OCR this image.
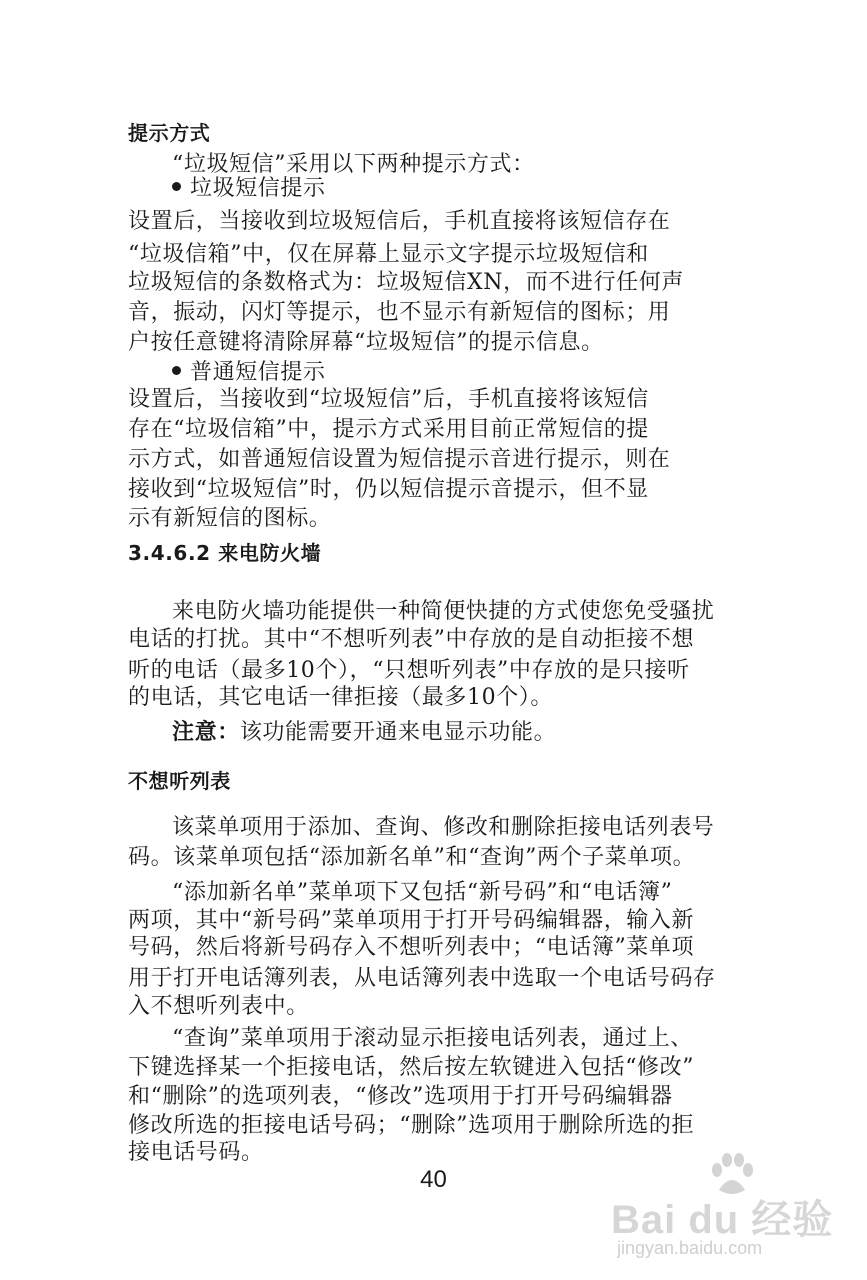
提示方式
“垃圾短信”采用以下两种提示方式：
垃圾短信提示
设置后，当接收到垃圾短信后，手机直接将该短信存在
“垃圾信箱”中，仅在屏幕上显示文字提示垃圾短信和
垃圾短信的条数格式为：垃圾短信XN，而不进行任何声
音，振动，闪灯等提示，也不显示有新短信的图标；用
户按任意键将清除屏幕“垃圾短信”的提示信息。
普通短信提示
设置后，当接收到“垃圾短信”后，手机直接将该短信
存在“垃圾信箱”中，提示方式采用目前正常短信的提
示方式，如普通短信设置为短信提示音进行提示，则在
接收到“垃圾短信”时，仍以短信提示音提示，但不显
示有新短信的图标。
3.4.6.2 来电防火墙
来电防火墙功能提供一种简便快捷的方式使您免受骚扰
电话的打扰。其中“不想听列表”中存放的是自动拒接不想
听的电话（最多10个），“只想听列表”中存放的是只接听
的电话，其它电话一律拒接（最多10个）。
注意：该功能需要开通来电显示功能。
不想听列表
该菜单项用于添加、查询、修改和删除拒接电话列表号
码。该菜单项包括“添加新名单”和“查询”两个子菜单项。
“添加新名单”菜单项下又包括“新号码”和“电话簿”
两项，其中“新号码”菜单项用于打开号码编辑器，输入新
号码，然后将新号码存入不想听列表中；“电话簿”菜单项
用于打开电话簿列表，从电话簿列表中选取一个电话号码存
入不想听列表中。
“查询”菜单项用于滚动显示拒接电话列表，通过上、
下键选择某一个拒接电话，然后按左软键进入包括“修改”
和“删除”的选项列表，“修改”选项用于打开号码编辑器
修改所选的拒接电话号码；“删除”选项用于删除所选的拒
接电话号码。
40
Bai du 经验
jingyan.baidu.com
